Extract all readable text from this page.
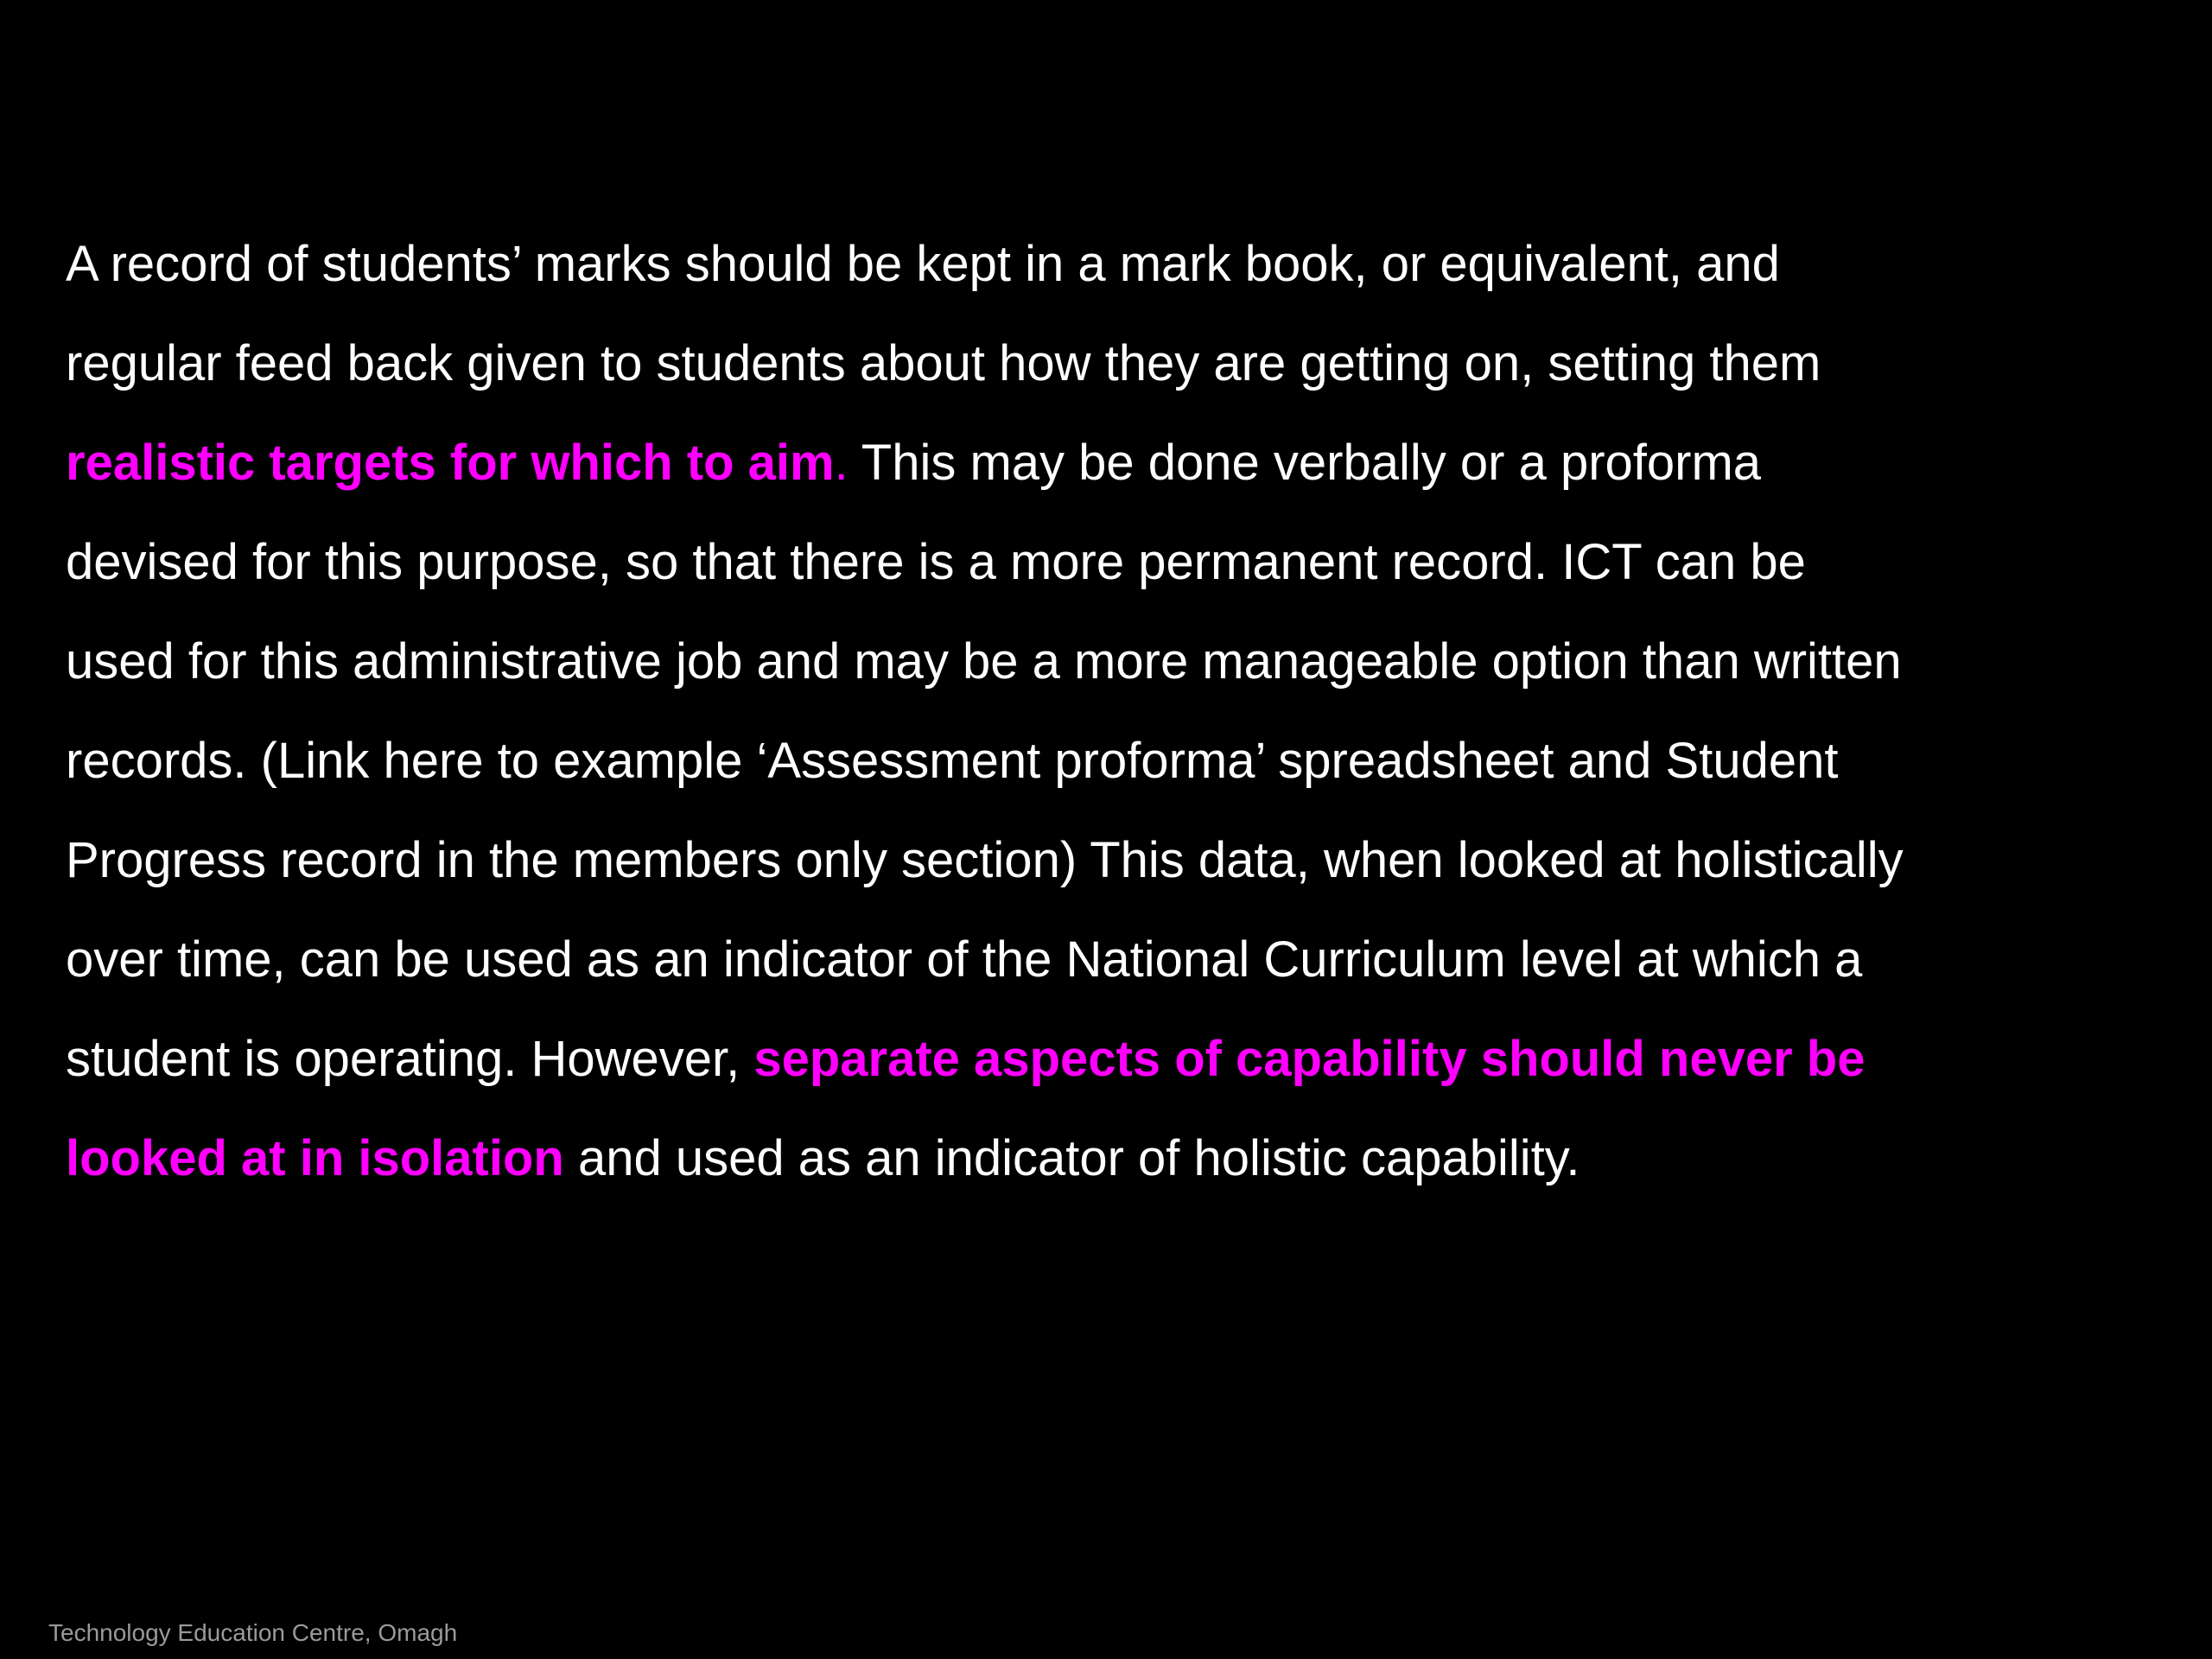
A record of students’ marks should be kept in a mark book, or equivalent, and
regular feed back given to students about how they are getting on, setting them
realistic targets for which to aim. This may be done verbally or a proforma
devised for this purpose, so that there is a more permanent record. ICT can be
used for this administrative job and may be a more manageable option than written
records. (Link here to example ‘Assessment proforma’ spreadsheet and Student
Progress record in the members only section) This data, when looked at holistically
over time, can be used as an indicator of the National Curriculum level at which a
student is operating. However, separate aspects of capability should never be
looked at in isolation and used as an indicator of holistic capability.

Technology Education Centre, Omagh
